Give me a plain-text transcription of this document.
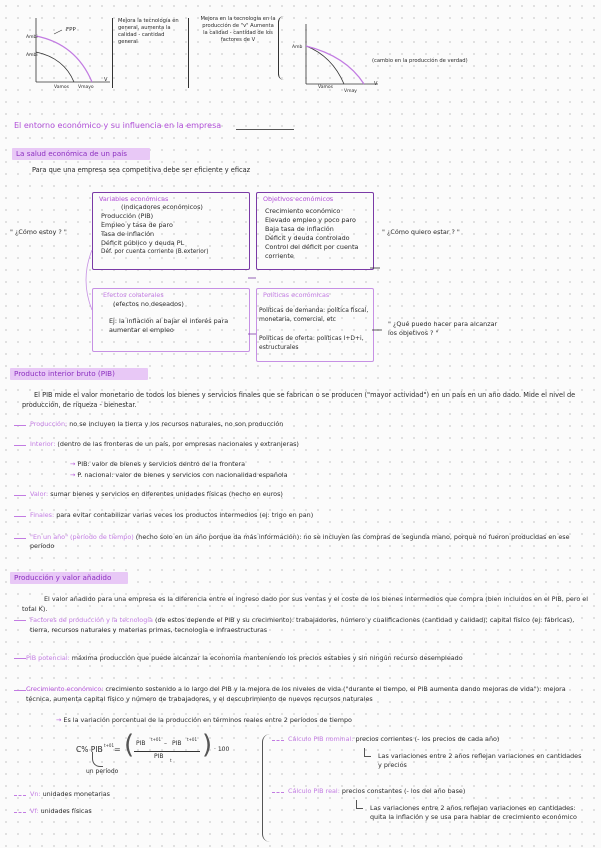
FPP
Ambi
Ambi
Vamos Vmayo
V
Mejora la tecnología en general, aumenta la calidad - cantidad general
Mejora en la tecnología en la producción de "v" Aumenta la calidad - cantidad de los factores de V
Amb
Vamos
Vmay
V
(cambio en la producción de verdad)
El entorno económico y su influencia en la empresa
La salud económica de un país
Para que una empresa sea competitiva debe ser eficiente y eficaz
" ¿Cómo estoy ? "
Variables económicas
(indicadores económicos)
Producción (PIB)
Empleo y tasa de paro
Tasa de inflación
Déficit público y deuda PL
Déf. por cuenta corriente (B.exterior)
Objetivos económicos
Crecimiento económico
Elevado empleo y poco paro
Baja tasa de inflación
Déficit y deuda controlado
Control del déficit por cuenta corriente
" ¿Cómo quiero estar ? "
Efectos colaterales
(efectos no deseados)
Ej: la inflación al bajar el interés para aumentar el empleo
Políticas económicas
Políticas de demanda: política fiscal, monetaria, comercial, etc
Políticas de oferta: políticas I+D+i, estructurales
" ¿Qué puedo hacer para alcanzar los objetivos ? "
Producto interior bruto (PIB)
El PIB mide el valor monetario de todos los bienes y servicios finales que se fabrican o se producen ("mayor actividad") en un país en un año dado. Mide el nivel de producción, de riqueza - bienestar.
Producción: no se incluyen la tierra y los recursos naturales, no son producción
Interior: (dentro de las fronteras de un país, por empresas nacionales y extranjeras)
→ PIB: valor de bienes y servicios dentro de la frontera
→ P. nacional: valor de bienes y servicios con nacionalidad española
Valor: sumar bienes y servicios en diferentes unidades físicas (hecho en euros)
Finales: para evitar contabilizar varias veces los productos intermedios (ej: trigo en pan)
"En un año" (período de tiempo) (hecho solo en un año porque da más información): no se incluyen las compras de segunda mano, porque no fueron producidas en ese período
Producción y valor añadido
El valor añadido para una empresa es la diferencia entre el ingreso dado por sus ventas y el coste de los bienes intermedios que compra (bien incluidos en el PIB, pero el total K).
Factores de producción y la tecnología (de estos depende el PIB y su crecimiento): trabajadores, número y cualificaciones (cantidad y calidad); capital físico (ej: fábricas), tierra, recursos naturales y materias primas, tecnología e infraestructuras
PIB potencial: máxima producción que puede alcanzar la economía manteniendo los precios estables y sin ningún recurso desempleado
Crecimiento económico: crecimiento sostenido a lo largo del PIB y la mejora de los niveles de vida ("durante el tiempo, el PIB aumenta dando mejoras de vida"): mejora técnica, aumenta capital físico y número de trabajadores, y el descubrimiento de nuevos recursos naturales
→ Es la variación porcentual de la producción en términos reales entre 2 períodos de tiempo
C% PIB t+01 = ( PIB
t+01
– PIB
t+01
PIB
t
) · 100
un período
Vn: unidades monetarias
Vf: unidades físicas
Cálculo PIB nominal: precios corrientes (- los precios de cada año)
Las variaciones entre 2 años reflejan variaciones en cantidades y precios
Cálculo PIB real: precios constantes (- los del año base)
Las variaciones entre 2 años reflejan variaciones en cantidades: quita la inflación y se usa para hablar de crecimiento económico
